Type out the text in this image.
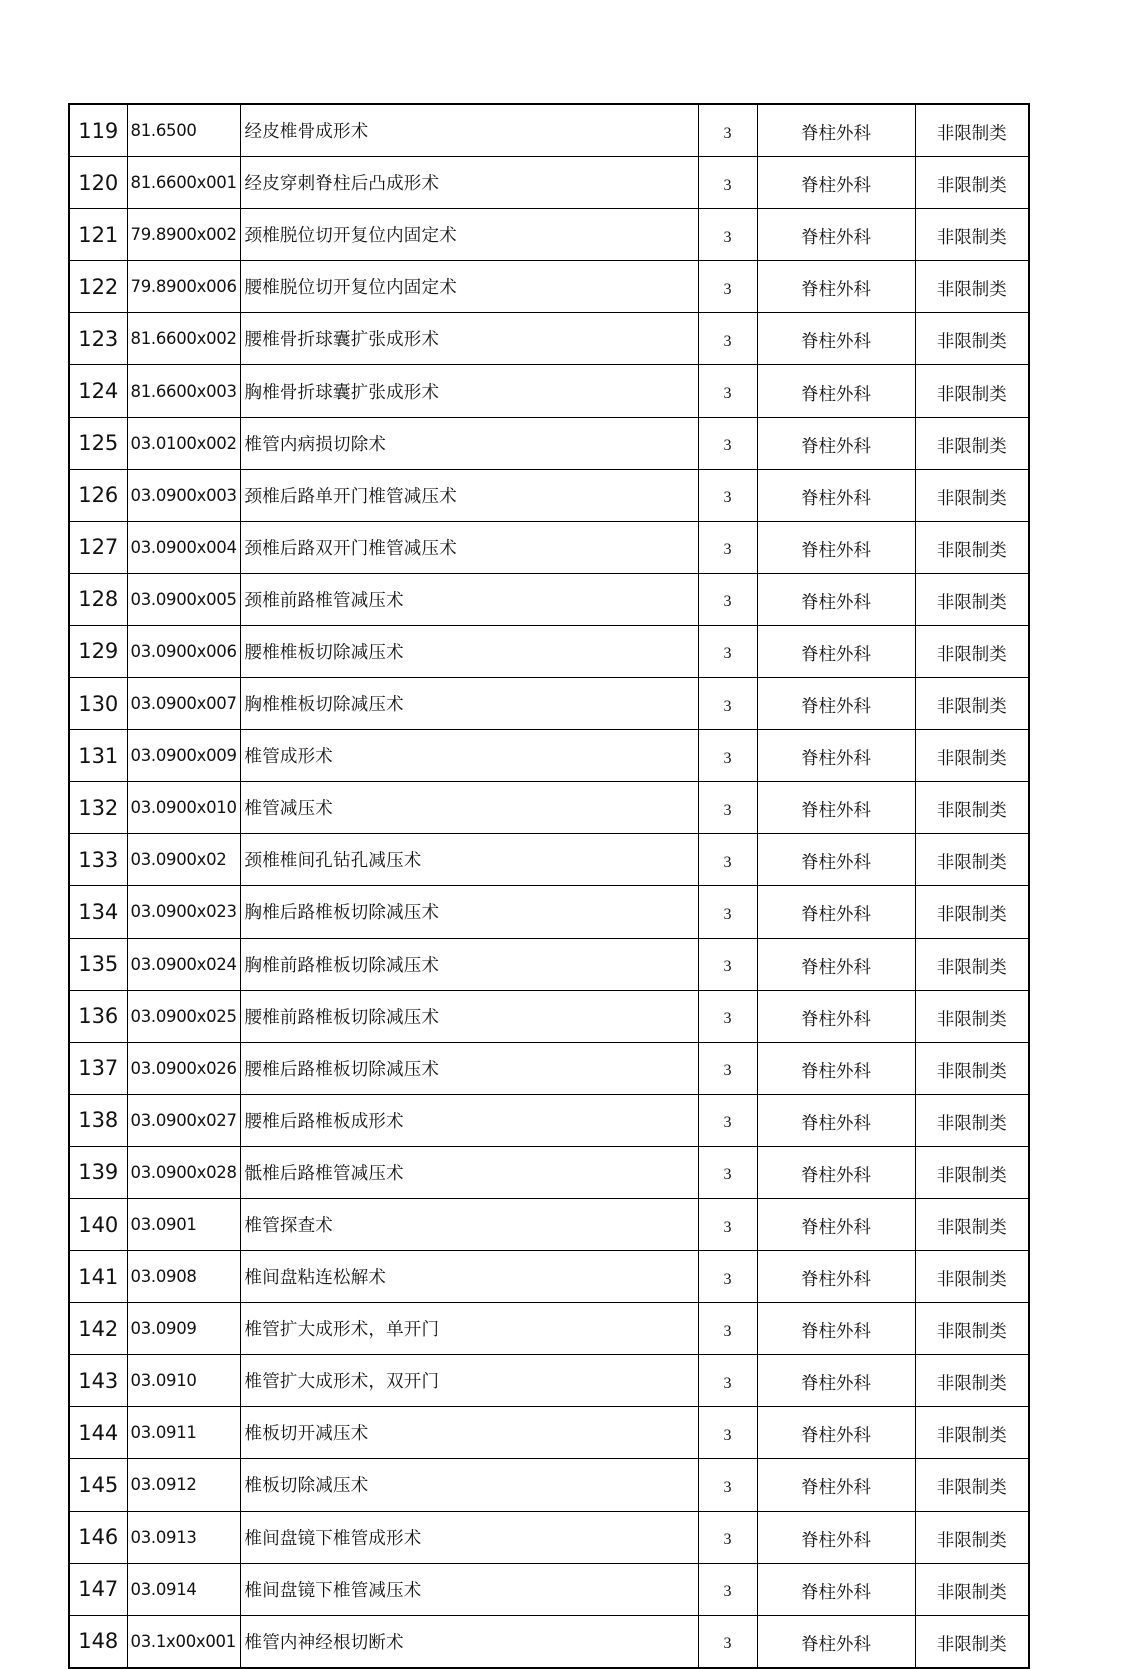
119	81.6500	经皮椎骨成形术	3	脊柱外科	非限制类
120	81.6600x001	经皮穿刺脊柱后凸成形术	3	脊柱外科	非限制类
121	79.8900x002	颈椎脱位切开复位内固定术	3	脊柱外科	非限制类
122	79.8900x006	腰椎脱位切开复位内固定术	3	脊柱外科	非限制类
123	81.6600x002	腰椎骨折球囊扩张成形术	3	脊柱外科	非限制类
124	81.6600x003	胸椎骨折球囊扩张成形术	3	脊柱外科	非限制类
125	03.0100x002	椎管内病损切除术	3	脊柱外科	非限制类
126	03.0900x003	颈椎后路单开门椎管减压术	3	脊柱外科	非限制类
127	03.0900x004	颈椎后路双开门椎管减压术	3	脊柱外科	非限制类
128	03.0900x005	颈椎前路椎管减压术	3	脊柱外科	非限制类
129	03.0900x006	腰椎椎板切除减压术	3	脊柱外科	非限制类
130	03.0900x007	胸椎椎板切除减压术	3	脊柱外科	非限制类
131	03.0900x009	椎管成形术	3	脊柱外科	非限制类
132	03.0900x010	椎管减压术	3	脊柱外科	非限制类
133	03.0900x02	颈椎椎间孔钻孔减压术	3	脊柱外科	非限制类
134	03.0900x023	胸椎后路椎板切除减压术	3	脊柱外科	非限制类
135	03.0900x024	胸椎前路椎板切除减压术	3	脊柱外科	非限制类
136	03.0900x025	腰椎前路椎板切除减压术	3	脊柱外科	非限制类
137	03.0900x026	腰椎后路椎板切除减压术	3	脊柱外科	非限制类
138	03.0900x027	腰椎后路椎板成形术	3	脊柱外科	非限制类
139	03.0900x028	骶椎后路椎管减压术	3	脊柱外科	非限制类
140	03.0901	椎管探查术	3	脊柱外科	非限制类
141	03.0908	椎间盘粘连松解术	3	脊柱外科	非限制类
142	03.0909	椎管扩大成形术，单开门	3	脊柱外科	非限制类
143	03.0910	椎管扩大成形术，双开门	3	脊柱外科	非限制类
144	03.0911	椎板切开减压术	3	脊柱外科	非限制类
145	03.0912	椎板切除减压术	3	脊柱外科	非限制类
146	03.0913	椎间盘镜下椎管成形术	3	脊柱外科	非限制类
147	03.0914	椎间盘镜下椎管减压术	3	脊柱外科	非限制类
148	03.1x00x001	椎管内神经根切断术	3	脊柱外科	非限制类
